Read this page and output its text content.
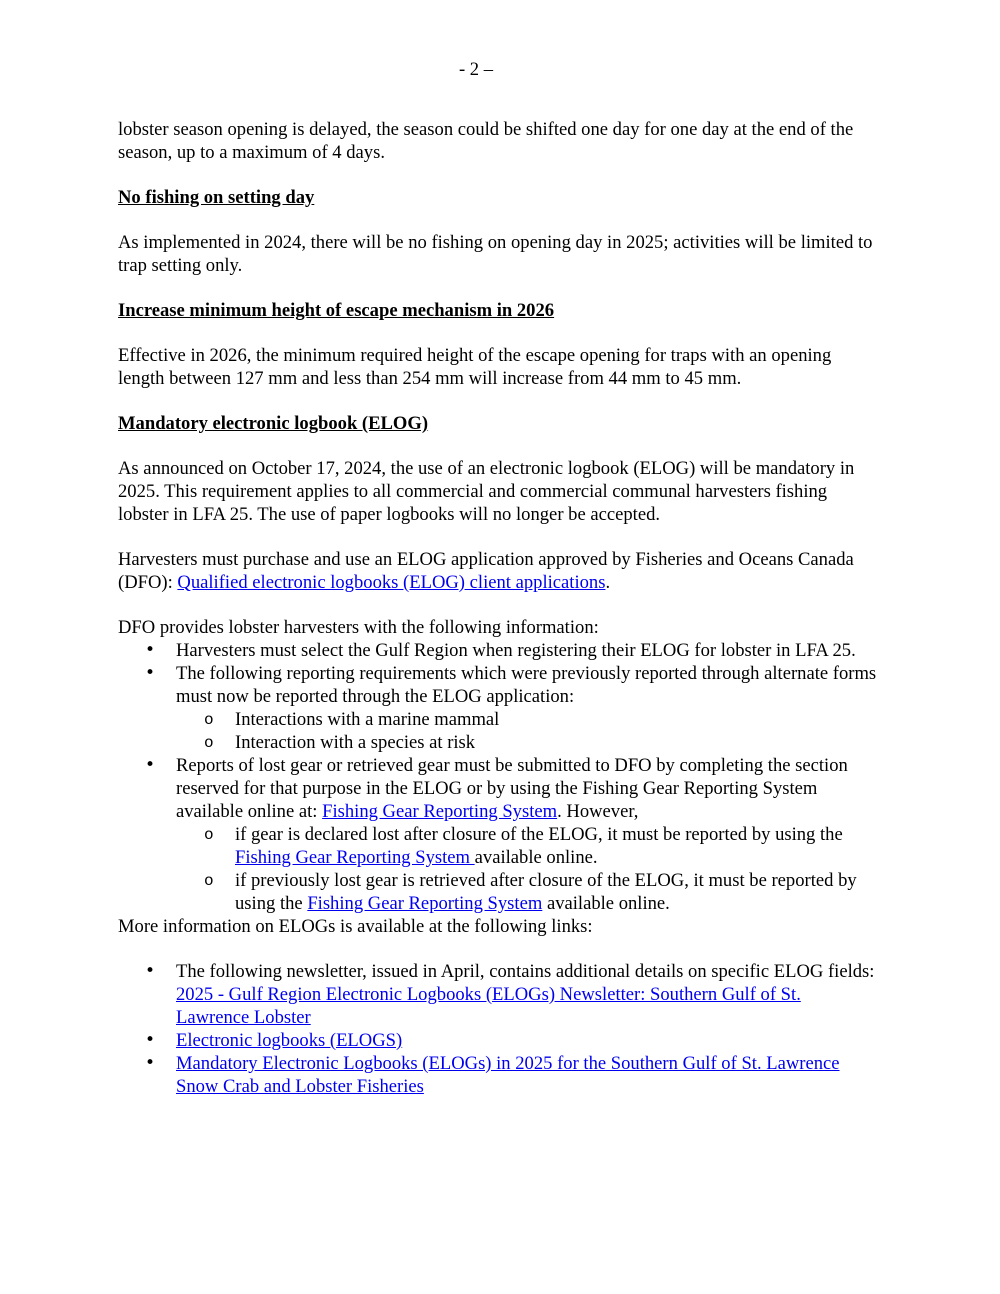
- 2 –

lobster season opening is delayed, the season could be shifted one day for one day at the end of the season, up to a maximum of 4 days.

No fishing on setting day

As implemented in 2024, there will be no fishing on opening day in 2025; activities will be limited to trap setting only.

Increase minimum height of escape mechanism in 2026

Effective in 2026, the minimum required height of the escape opening for traps with an opening length between 127 mm and less than 254 mm will increase from 44 mm to 45 mm.

Mandatory electronic logbook (ELOG)

As announced on October 17, 2024, the use of an electronic logbook (ELOG) will be mandatory in 2025. This requirement applies to all commercial and commercial communal harvesters fishing lobster in LFA 25. The use of paper logbooks will no longer be accepted.

Harvesters must purchase and use an ELOG application approved by Fisheries and Oceans Canada (DFO): Qualified electronic logbooks (ELOG) client applications.

DFO provides lobster harvesters with the following information:
• Harvesters must select the Gulf Region when registering their ELOG for lobster in LFA 25.
• The following reporting requirements which were previously reported through alternate forms must now be reported through the ELOG application:
o Interactions with a marine mammal
o Interaction with a species at risk
• Reports of lost gear or retrieved gear must be submitted to DFO by completing the section reserved for that purpose in the ELOG or by using the Fishing Gear Reporting System available online at: Fishing Gear Reporting System. However,
o if gear is declared lost after closure of the ELOG, it must be reported by using the Fishing Gear Reporting System available online.
o if previously lost gear is retrieved after closure of the ELOG, it must be reported by using the Fishing Gear Reporting System available online.

More information on ELOGs is available at the following links:

• The following newsletter, issued in April, contains additional details on specific ELOG fields: 2025 - Gulf Region Electronic Logbooks (ELOGs) Newsletter: Southern Gulf of St. Lawrence Lobster
• Electronic logbooks (ELOGS)
• Mandatory Electronic Logbooks (ELOGs) in 2025 for the Southern Gulf of St. Lawrence Snow Crab and Lobster Fisheries
